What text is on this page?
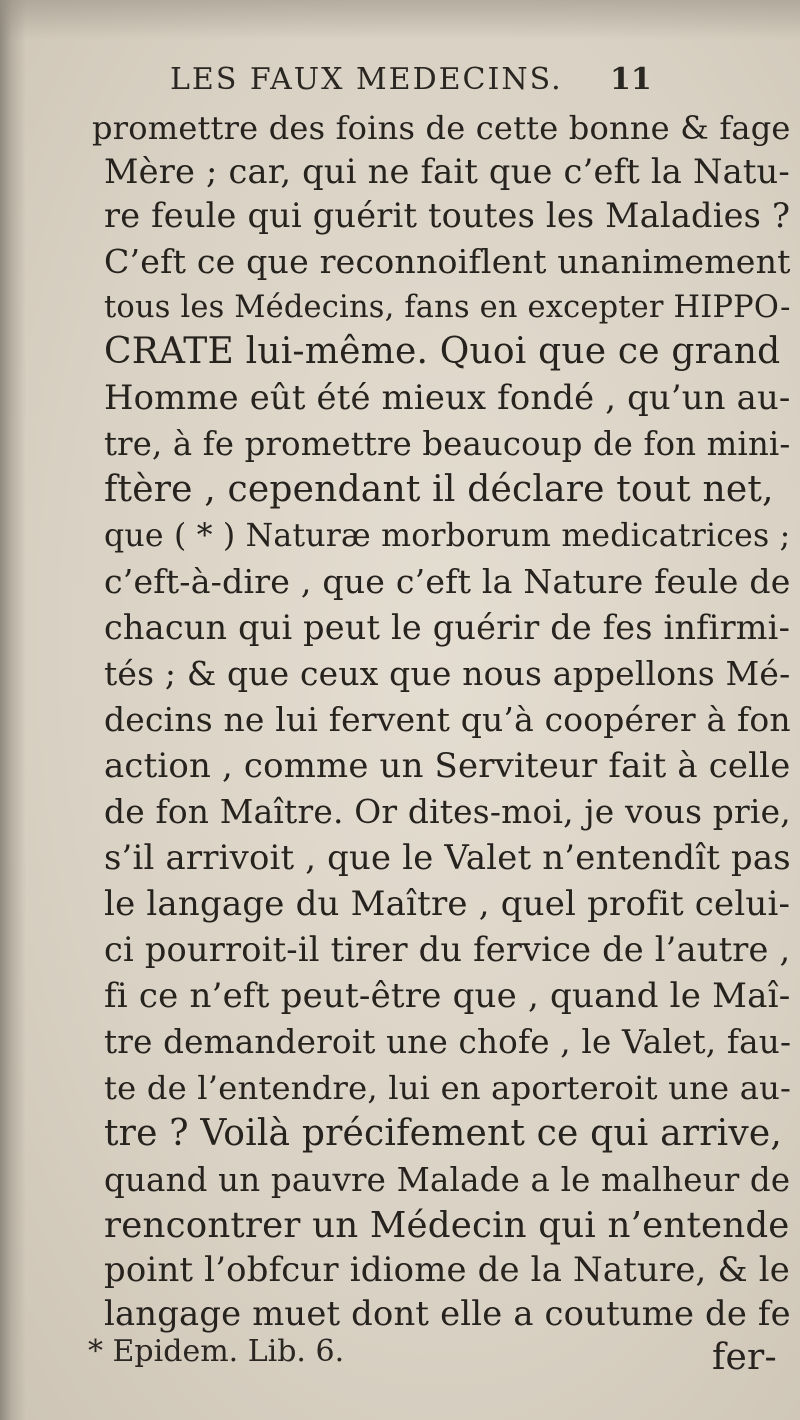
LES FAUX MEDECINS. 11
promettre des foins de cette bonne & fage
Mère ; car, qui ne fait que c’eft la Natu-
re feule qui guérit toutes les Maladies ?
C’eft ce que reconnoiflent unanimement
tous les Médecins, fans en excepter HIPPO-
CRATE lui-même. Quoi que ce grand
Homme eût été mieux fondé , qu’un au-
tre, à fe promettre beaucoup de fon mini-
ftère , cependant il déclare tout net,
que ( * ) Naturæ morborum medicatrices ;
c’eft-à-dire , que c’eft la Nature feule de
chacun qui peut le guérir de fes infirmi-
tés ; & que ceux que nous appellons Mé-
decins ne lui fervent qu’à coopérer à fon
action , comme un Serviteur fait à celle
de fon Maître. Or dites-moi, je vous prie,
s’il arrivoit , que le Valet n’entendît pas
le langage du Maître , quel profit celui-
ci pourroit-il tirer du fervice de l’autre ,
fi ce n’eft peut-être que , quand le Maî-
tre demanderoit une chofe , le Valet, fau-
te de l’entendre, lui en aporteroit une au-
tre ? Voilà précifement ce qui arrive,
quand un pauvre Malade a le malheur de
rencontrer un Médecin qui n’entende
point l’obfcur idiome de la Nature, & le
langage muet dont elle a coutume de fe
fer-
* Epidem. Lib. 6.
